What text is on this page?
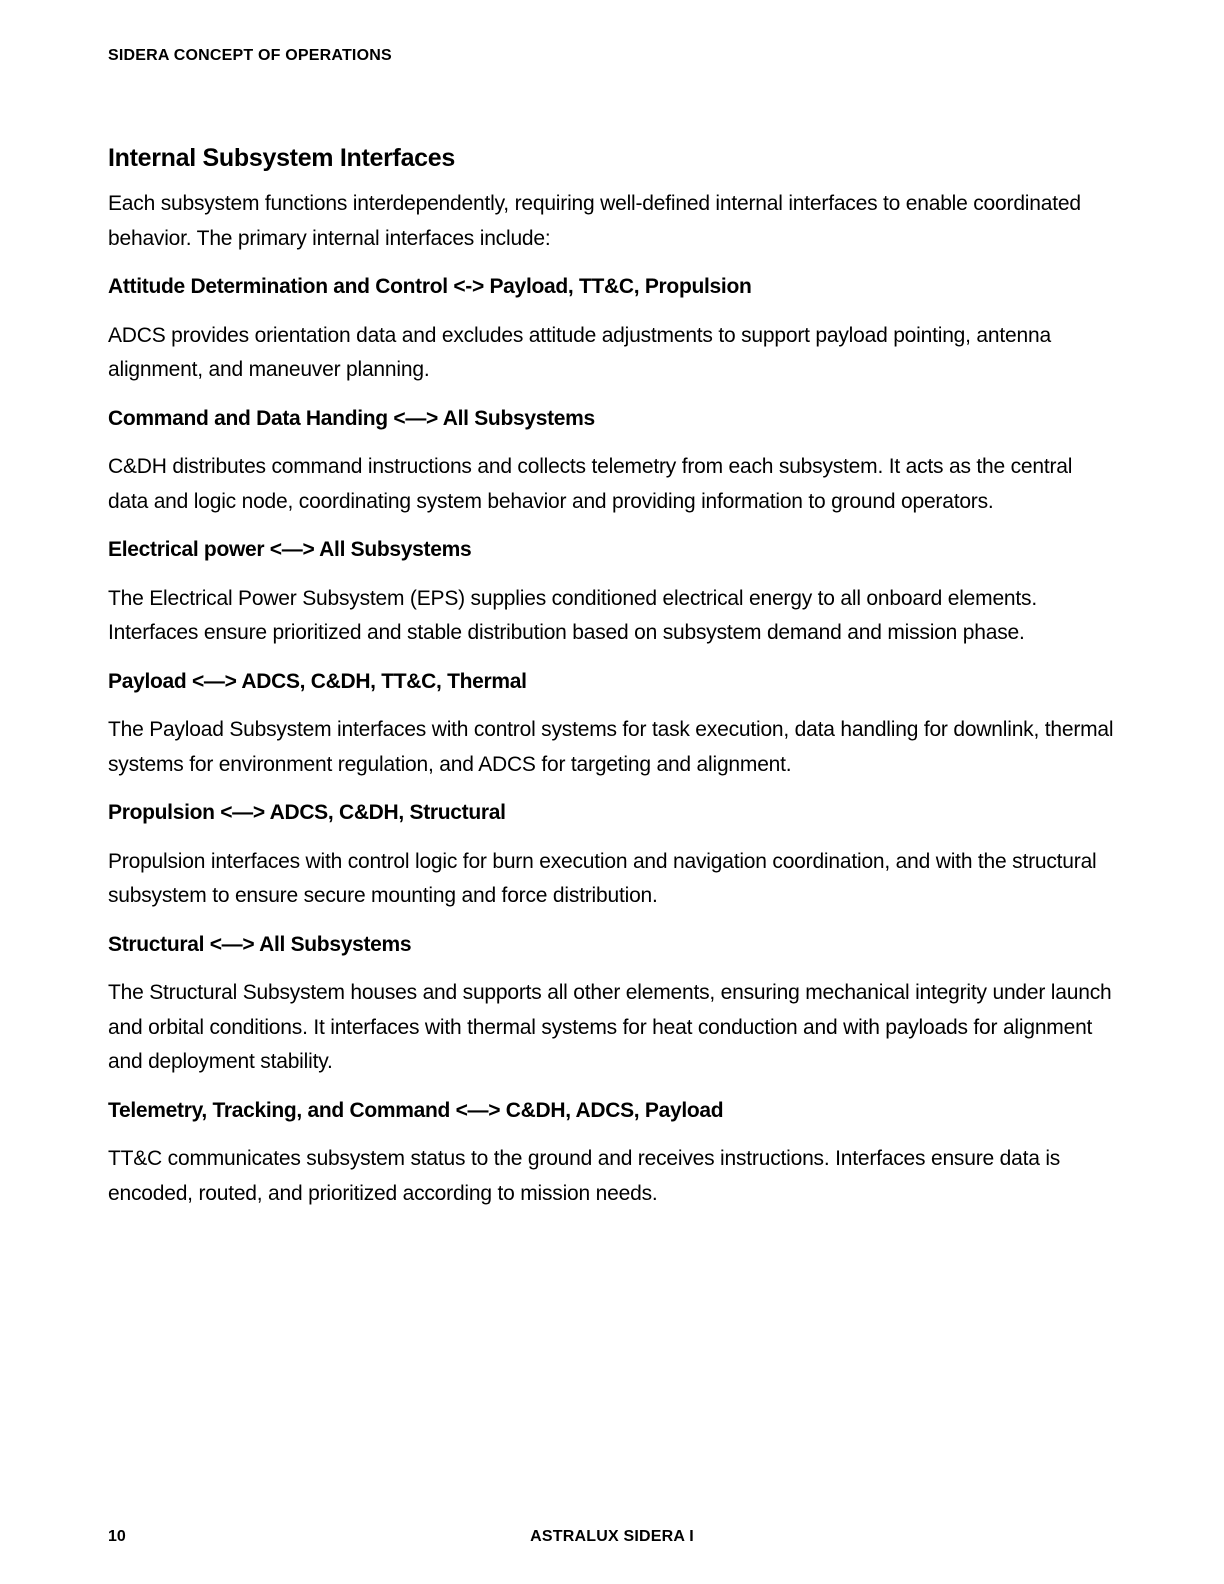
SIDERA CONCEPT OF OPERATIONS
Internal Subsystem Interfaces

Each subsystem functions interdependently, requiring well-defined internal interfaces to enable coordinated behavior. The primary internal interfaces include:

Attitude Determination and Control <-> Payload, TT&C, Propulsion

ADCS provides orientation data and excludes attitude adjustments to support payload pointing, antenna alignment, and maneuver planning.

Command and Data Handing <—> All Subsystems

C&DH distributes command instructions and collects telemetry from each subsystem. It acts as the central data and logic node, coordinating system behavior and providing information to ground operators.

Electrical power <—> All Subsystems

The Electrical Power Subsystem (EPS) supplies conditioned electrical energy to all onboard elements. Interfaces ensure prioritized and stable distribution based on subsystem demand and mission phase.

Payload <—> ADCS, C&DH, TT&C, Thermal

The Payload Subsystem interfaces with control systems for task execution, data handling for downlink, thermal systems for environment regulation, and ADCS for targeting and alignment.

Propulsion <—> ADCS, C&DH, Structural

Propulsion interfaces with control logic for burn execution and navigation coordination, and with the structural subsystem to ensure secure mounting and force distribution.

Structural <—> All Subsystems

The Structural Subsystem houses and supports all other elements, ensuring mechanical integrity under launch and orbital conditions. It interfaces with thermal systems for heat conduction and with payloads for alignment and deployment stability.

Telemetry, Tracking, and Command <—> C&DH, ADCS, Payload

TT&C communicates subsystem status to the ground and receives instructions. Interfaces ensure data is encoded, routed, and prioritized according to mission needs.

10	ASTRALUX SIDERA I
